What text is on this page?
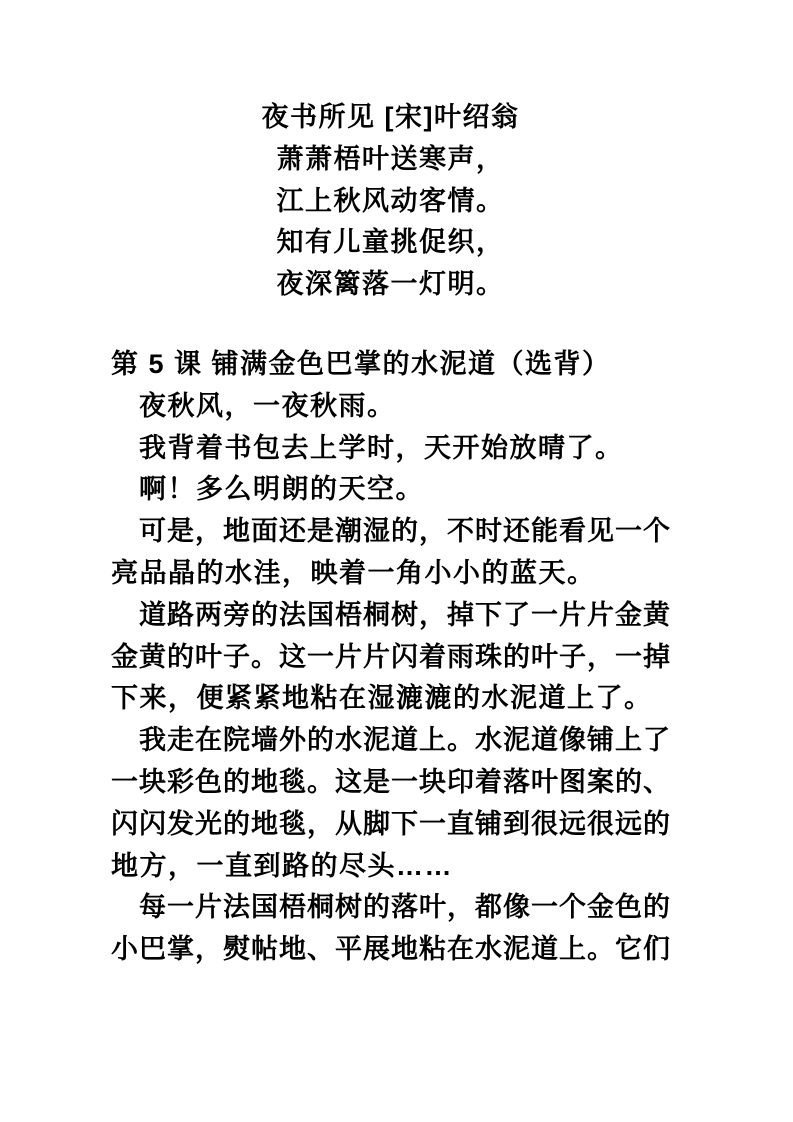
夜书所见 [宋]叶绍翁
萧萧梧叶送寒声，
江上秋风动客情。
知有儿童挑促织，
夜深篱落一灯明。
第 5 课 铺满金色巴掌的水泥道（选背）
夜秋风，一夜秋雨。
我背着书包去上学时，天开始放晴了。
啊！多么明朗的天空。
可是，地面还是潮湿的，不时还能看见一个
亮品晶的水洼，映着一角小小的蓝天。
道路两旁的法国梧桐树，掉下了一片片金黄
金黄的叶子。这一片片闪着雨珠的叶子，一掉
下来，便紧紧地粘在湿漉漉的水泥道上了。
我走在院墙外的水泥道上。水泥道像铺上了
一块彩色的地毯。这是一块印着落叶图案的、
闪闪发光的地毯，从脚下一直铺到很远很远的
地方，一直到路的尽头……
每一片法国梧桐树的落叶，都像一个金色的
小巴掌，熨帖地、平展地粘在水泥道上。它们
